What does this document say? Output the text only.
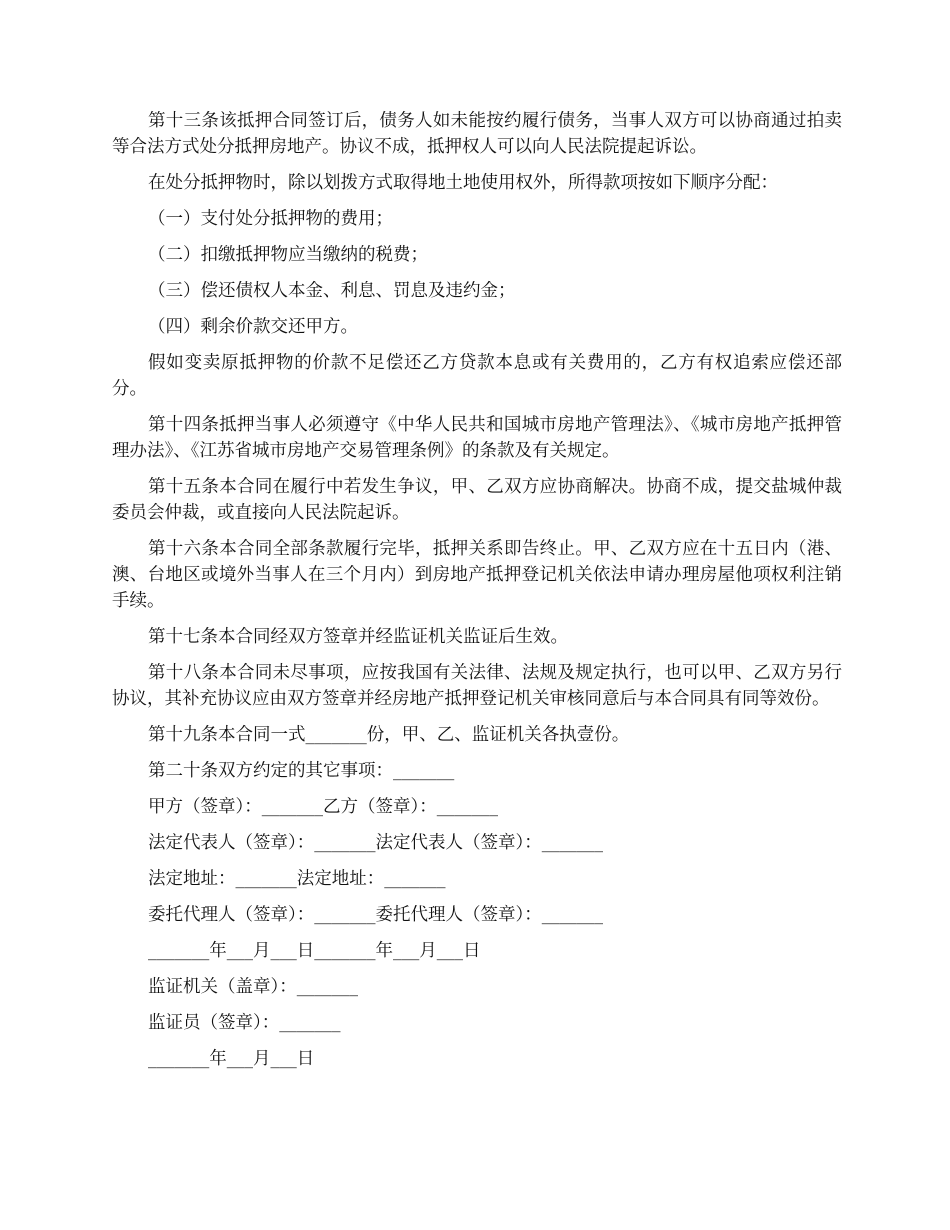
第十三条该抵押合同签订后，债务人如未能按约履行债务，当事人双方可以协商通过拍卖等合法方式处分抵押房地产。协议不成，抵押权人可以向人民法院提起诉讼。

在处分抵押物时，除以划拨方式取得地土地使用权外，所得款项按如下顺序分配：

（一）支付处分抵押物的费用；

（二）扣缴抵押物应当缴纳的税费；

（三）偿还债权人本金、利息、罚息及违约金；

（四）剩余价款交还甲方。

假如变卖原抵押物的价款不足偿还乙方贷款本息或有关费用的，乙方有权追索应偿还部分。

第十四条抵押当事人必须遵守《中华人民共和国城市房地产管理法》、《城市房地产抵押管理办法》、《江苏省城市房地产交易管理条例》的条款及有关规定。

第十五条本合同在履行中若发生争议，甲、乙双方应协商解决。协商不成，提交盐城仲裁委员会仲裁，或直接向人民法院起诉。

第十六条本合同全部条款履行完毕，抵押关系即告终止。甲、乙双方应在十五日内（港、澳、台地区或境外当事人在三个月内）到房地产抵押登记机关依法申请办理房屋他项权利注销手续。

第十七条本合同经双方签章并经监证机关监证后生效。

第十八条本合同未尽事项，应按我国有关法律、法规及规定执行，也可以甲、乙双方另行协议，其补充协议应由双方签章并经房地产抵押登记机关审核同意后与本合同具有同等效份。

第十九条本合同一式_______份，甲、乙、监证机关各执壹份。

第二十条双方约定的其它事项：_______

甲方（签章）：_______乙方（签章）：_______

法定代表人（签章）：_______法定代表人（签章）：_______

法定地址：_______法定地址：_______

委托代理人（签章）：_______委托代理人（签章）：_______

_______年___月___日_______年___月___日

监证机关（盖章）：_______

监证员（签章）：_______

_______年___月___日
